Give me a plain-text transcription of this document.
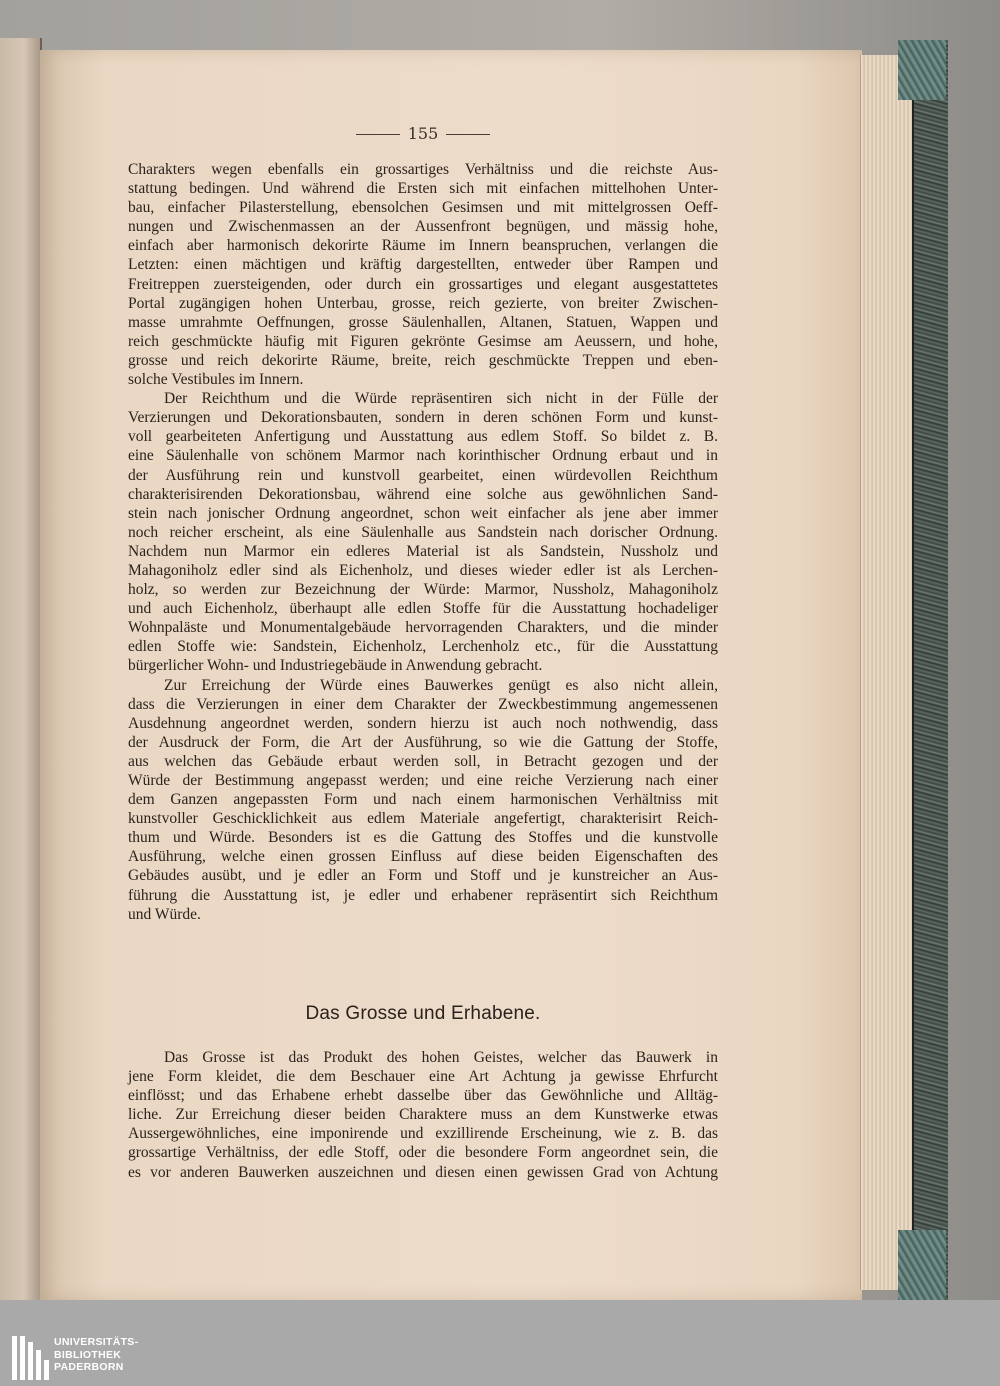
155
Charakters wegen ebenfalls ein grossartiges Verhältniss und die reichste Aus-
stattung bedingen. Und während die Ersten sich mit einfachen mittelhohen Unter-
bau, einfacher Pilasterstellung, ebensolchen Gesimsen und mit mittelgrossen Oeff-
nungen und Zwischenmassen an der Aussenfront begnügen, und mässig hohe,
einfach aber harmonisch dekorirte Räume im Innern beanspruchen, verlangen die
Letzten: einen mächtigen und kräftig dargestellten, entweder über Rampen und
Freitreppen zuersteigenden, oder durch ein grossartiges und elegant ausgestattetes
Portal zugängigen hohen Unterbau, grosse, reich gezierte, von breiter Zwischen-
masse umrahmte Oeffnungen, grosse Säulenhallen, Altanen, Statuen, Wappen und
reich geschmückte häufig mit Figuren gekrönte Gesimse am Aeussern, und hohe,
grosse und reich dekorirte Räume, breite, reich geschmückte Treppen und eben-
solche Vestibules im Innern.
Der Reichthum und die Würde repräsentiren sich nicht in der Fülle der
Verzierungen und Dekorationsbauten, sondern in deren schönen Form und kunst-
voll gearbeiteten Anfertigung und Ausstattung aus edlem Stoff. So bildet z. B.
eine Säulenhalle von schönem Marmor nach korinthischer Ordnung erbaut und in
der Ausführung rein und kunstvoll gearbeitet, einen würdevollen Reichthum
charakterisirenden Dekorationsbau, während eine solche aus gewöhnlichen Sand-
stein nach jonischer Ordnung angeordnet, schon weit einfacher als jene aber immer
noch reicher erscheint, als eine Säulenhalle aus Sandstein nach dorischer Ordnung.
Nachdem nun Marmor ein edleres Material ist als Sandstein, Nussholz und
Mahagoniholz edler sind als Eichenholz, und dieses wieder edler ist als Lerchen-
holz, so werden zur Bezeichnung der Würde: Marmor, Nussholz, Mahagoniholz
und auch Eichenholz, überhaupt alle edlen Stoffe für die Ausstattung hochadeliger
Wohnpaläste und Monumentalgebäude hervorragenden Charakters, und die minder
edlen Stoffe wie: Sandstein, Eichenholz, Lerchenholz etc., für die Ausstattung
bürgerlicher Wohn- und Industriegebäude in Anwendung gebracht.
Zur Erreichung der Würde eines Bauwerkes genügt es also nicht allein,
dass die Verzierungen in einer dem Charakter der Zweckbestimmung angemessenen
Ausdehnung angeordnet werden, sondern hierzu ist auch noch nothwendig, dass
der Ausdruck der Form, die Art der Ausführung, so wie die Gattung der Stoffe,
aus welchen das Gebäude erbaut werden soll, in Betracht gezogen und der
Würde der Bestimmung angepasst werden; und eine reiche Verzierung nach einer
dem Ganzen angepassten Form und nach einem harmonischen Verhältniss mit
kunstvoller Geschicklichkeit aus edlem Materiale angefertigt, charakterisirt Reich-
thum und Würde. Besonders ist es die Gattung des Stoffes und die kunstvolle
Ausführung, welche einen grossen Einfluss auf diese beiden Eigenschaften des
Gebäudes ausübt, und je edler an Form und Stoff und je kunstreicher an Aus-
führung die Ausstattung ist, je edler und erhabener repräsentirt sich Reichthum
und Würde.
Das Grosse und Erhabene.
Das Grosse ist das Produkt des hohen Geistes, welcher das Bauwerk in
jene Form kleidet, die dem Beschauer eine Art Achtung ja gewisse Ehrfurcht
einflösst; und das Erhabene erhebt dasselbe über das Gewöhnliche und Alltäg-
liche. Zur Erreichung dieser beiden Charaktere muss an dem Kunstwerke etwas
Aussergewöhnliches, eine imponirende und exzillirende Erscheinung, wie z. B. das
grossartige Verhältniss, der edle Stoff, oder die besondere Form angeordnet sein, die
es vor anderen Bauwerken auszeichnen und diesen einen gewissen Grad von Achtung
UNIVERSITÄTS-
BIBLIOTHEK
PADERBORN
